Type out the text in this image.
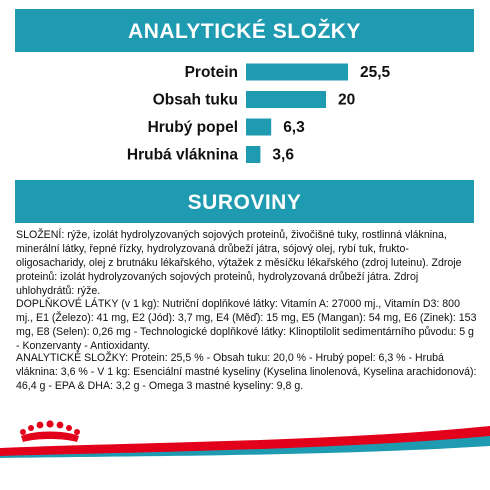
ANALYTICKÉ SLOŽKY
Protein	25,5
Obsah tuku	20
Hrubý popel	6,3
Hrubá vláknina 3,6
SUROVINY
SLOŽENÍ: rýže, izolát hydrolyzovaných sojových proteinů, živočišné tuky, rostlinná vláknina, minerální látky, řepné řízky, hydrolyzovaná drůbeží játra, sójový olej, rybí tuk, frukto-oligosacharidy, olej z brutnáku lékařského, výtažek z měsíčku lékařského (zdroj luteinu). Zdroje proteinů: izolát hydrolyzovaných sojových proteinů, hydrolyzovaná drůbeží játra. Zdroj uhlohydrátů: rýže.
DOPLŇKOVÉ LÁTKY (v 1 kg): Nutriční doplňkové látky: Vitamín A: 27000 mj., Vitamín D3: 800 mj., E1 (Železo): 41 mg, E2 (Jód): 3,7 mg, E4 (Měď): 15 mg, E5 (Mangan): 54 mg, E6 (Zinek): 153 mg, E8 (Selen): 0,26 mg - Technologické doplňkové látky: Klinoptilolit sedimentárního původu: 5 g - Konzervanty - Antioxidanty.
ANALYTICKÉ SLOŽKY: Protein: 25,5 % - Obsah tuku: 20,0 % - Hrubý popel: 6,3 % - Hrubá vláknina: 3,6 % - V 1 kg: Esenciální mastné kyseliny (Kyselina linolenová, Kyselina arachidonová): 46,4 g - EPA & DHA: 3,2 g - Omega 3 mastné kyseliny: 9,8 g.
